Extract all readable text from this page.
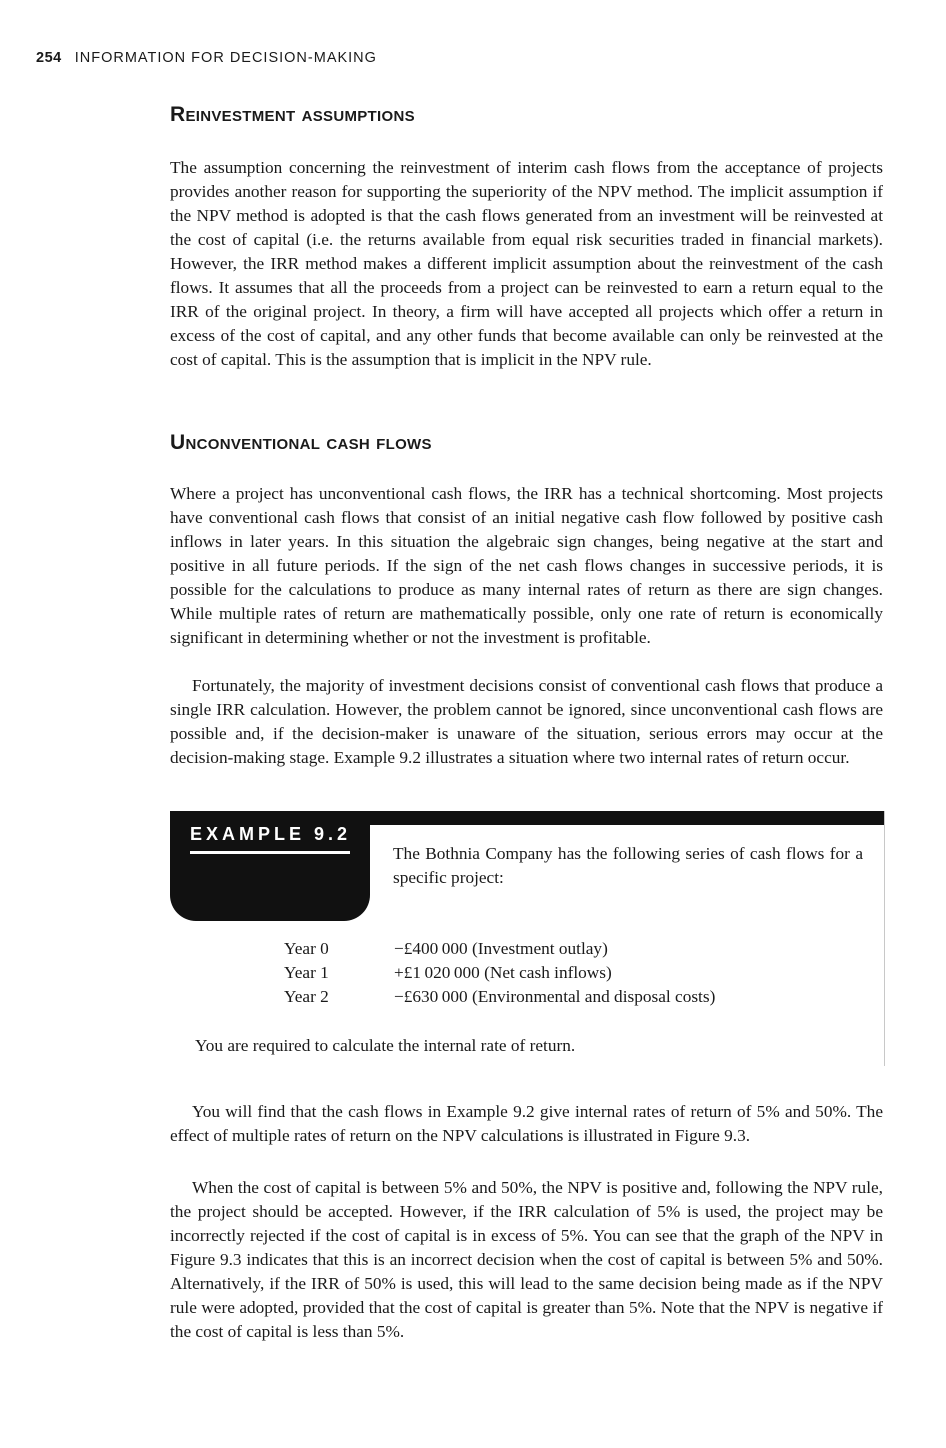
254 INFORMATION FOR DECISION-MAKING
Reinvestment assumptions

The assumption concerning the reinvestment of interim cash flows from the acceptance of projects provides another reason for supporting the superiority of the NPV method. The implicit assumption if the NPV method is adopted is that the cash flows generated from an investment will be reinvested at the cost of capital (i.e. the returns available from equal risk securities traded in financial markets). However, the IRR method makes a different implicit assumption about the reinvestment of the cash flows. It assumes that all the proceeds from a project can be reinvested to earn a return equal to the IRR of the original project. In theory, a firm will have accepted all projects which offer a return in excess of the cost of capital, and any other funds that become available can only be reinvested at the cost of capital. This is the assumption that is implicit in the NPV rule.

Unconventional cash flows

Where a project has unconventional cash flows, the IRR has a technical shortcoming. Most projects have conventional cash flows that consist of an initial negative cash flow followed by positive cash inflows in later years. In this situation the algebraic sign changes, being negative at the start and positive in all future periods. If the sign of the net cash flows changes in successive periods, it is possible for the calculations to produce as many internal rates of return as there are sign changes. While multiple rates of return are mathematically possible, only one rate of return is economically significant in determining whether or not the investment is profitable.

Fortunately, the majority of investment decisions consist of conventional cash flows that produce a single IRR calculation. However, the problem cannot be ignored, since unconventional cash flows are possible and, if the decision-maker is unaware of the situation, serious errors may occur at the decision-making stage. Example 9.2 illustrates a situation where two internal rates of return occur.

EXAMPLE 9.2

The Bothnia Company has the following series of cash flows for a specific project:

Year 0	−£400 000 (Investment outlay)
Year 1	+£1 020 000 (Net cash inflows)
Year 2	−£630 000 (Environmental and disposal costs)

You are required to calculate the internal rate of return.

You will find that the cash flows in Example 9.2 give internal rates of return of 5% and 50%. The effect of multiple rates of return on the NPV calculations is illustrated in Figure 9.3.

When the cost of capital is between 5% and 50%, the NPV is positive and, following the NPV rule, the project should be accepted. However, if the IRR calculation of 5% is used, the project may be incorrectly rejected if the cost of capital is in excess of 5%. You can see that the graph of the NPV in Figure 9.3 indicates that this is an incorrect decision when the cost of capital is between 5% and 50%. Alternatively, if the IRR of 50% is used, this will lead to the same decision being made as if the NPV rule were adopted, provided that the cost of capital is greater than 5%. Note that the NPV is negative if the cost of capital is less than 5%.
